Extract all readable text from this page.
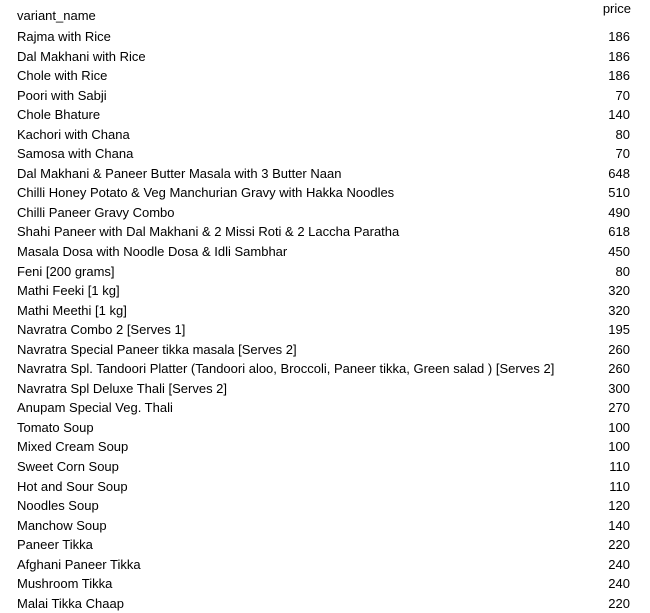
variant_name	price
Rajma with Rice	186
Dal Makhani with Rice	186
Chole with Rice	186
Poori with Sabji	70
Chole Bhature	140
Kachori with Chana	80
Samosa with Chana	70
Dal Makhani & Paneer Butter Masala with 3 Butter Naan	648
Chilli Honey Potato & Veg Manchurian Gravy with Hakka Noodles	510
Chilli Paneer Gravy Combo	490
Shahi Paneer with Dal Makhani & 2 Missi Roti & 2 Laccha Paratha	618
Masala Dosa with Noodle Dosa & Idli Sambhar	450
Feni [200 grams]	80
Mathi Feeki [1 kg]	320
Mathi Meethi [1 kg]	320
Navratra Combo 2 [Serves 1]	195
Navratra Special Paneer tikka masala [Serves 2]	260
Navratra Spl. Tandoori Platter (Tandoori aloo, Broccoli, Paneer tikka, Green salad ) [Serves 2]	260
Navratra Spl Deluxe Thali [Serves 2]	300
Anupam Special Veg. Thali	270
Tomato Soup	100
Mixed Cream Soup	100
Sweet Corn Soup	110
Hot and Sour Soup	110
Noodles Soup	120
Manchow Soup	140
Paneer Tikka	220
Afghani Paneer Tikka	240
Mushroom Tikka	240
Malai Tikka Chaap	220
